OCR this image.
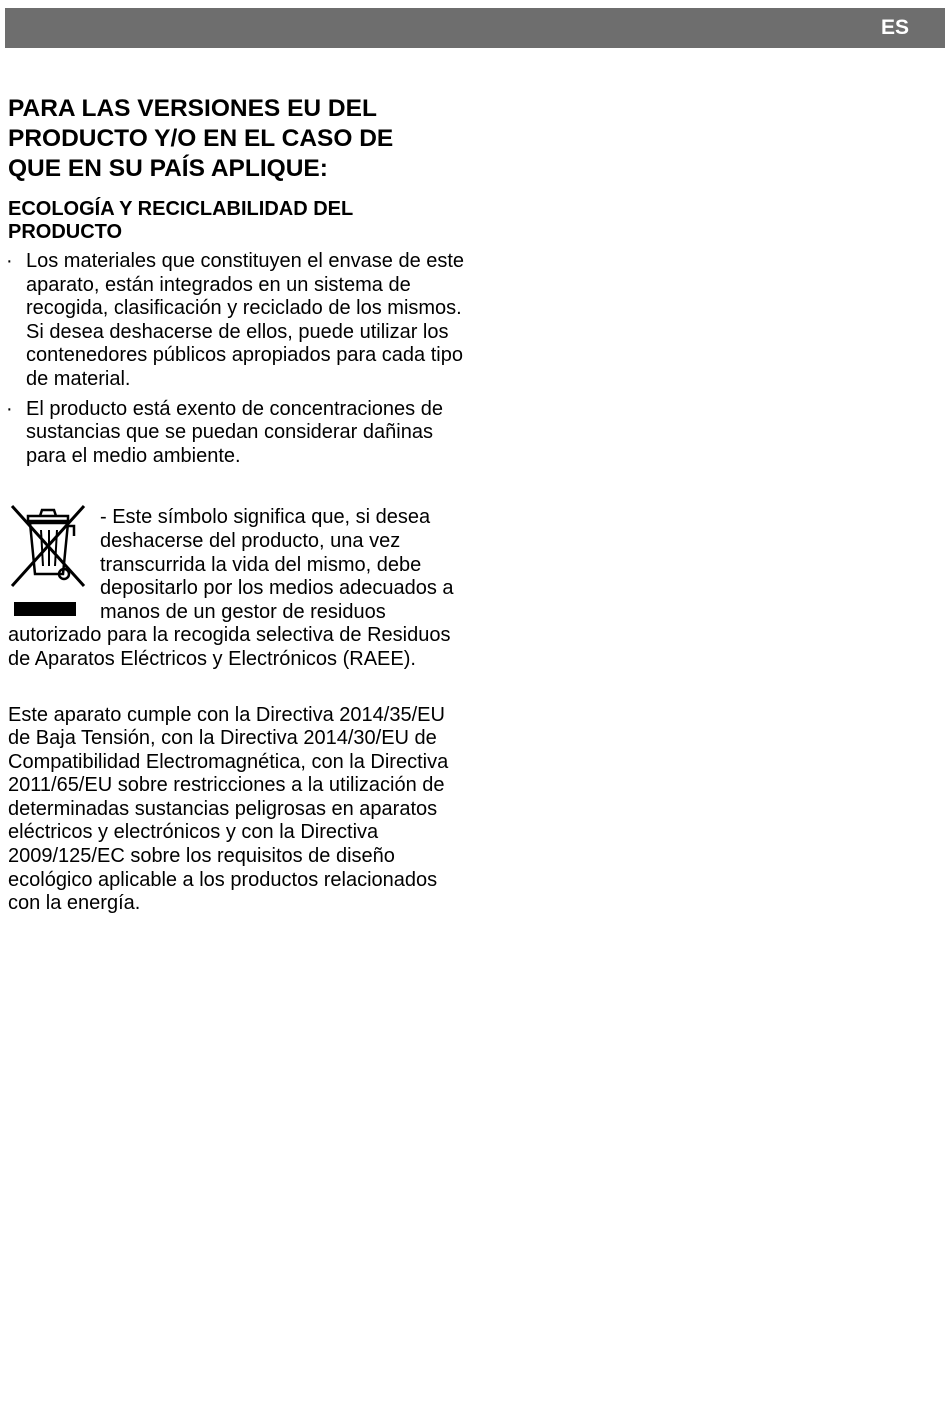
ES
PARA LAS VERSIONES EU DEL
PRODUCTO Y/O EN EL CASO DE
QUE EN SU PAÍS APLIQUE:
ECOLOGÍA Y RECICLABILIDAD DEL
PRODUCTO
· Los materiales que constituyen el envase de este aparato, están integrados en un sistema de recogida, clasificación y reciclado de los mismos. Si desea deshacerse de ellos, puede utilizar los contenedores públicos apropiados para cada tipo de material.
· El producto está exento de concentraciones de sustancias que se puedan considerar dañinas para el medio ambiente.
- Este símbolo significa que, si desea deshacerse del producto, una vez transcurrida la vida del mismo, debe depositarlo por los medios adecuados a manos de un gestor de residuos autorizado para la recogida selectiva de Residuos de Aparatos Eléctricos y Electrónicos (RAEE).

Este aparato cumple con la Directiva 2014/35/EU de Baja Tensión, con la Directiva 2014/30/EU de Compatibilidad Electromagnética, con la Directiva 2011/65/EU sobre restricciones a la utilización de determinadas sustancias peligrosas en aparatos eléctricos y electrónicos y con la Directiva 2009/125/EC sobre los requisitos de diseño ecológico aplicable a los productos relacionados con la energía.
